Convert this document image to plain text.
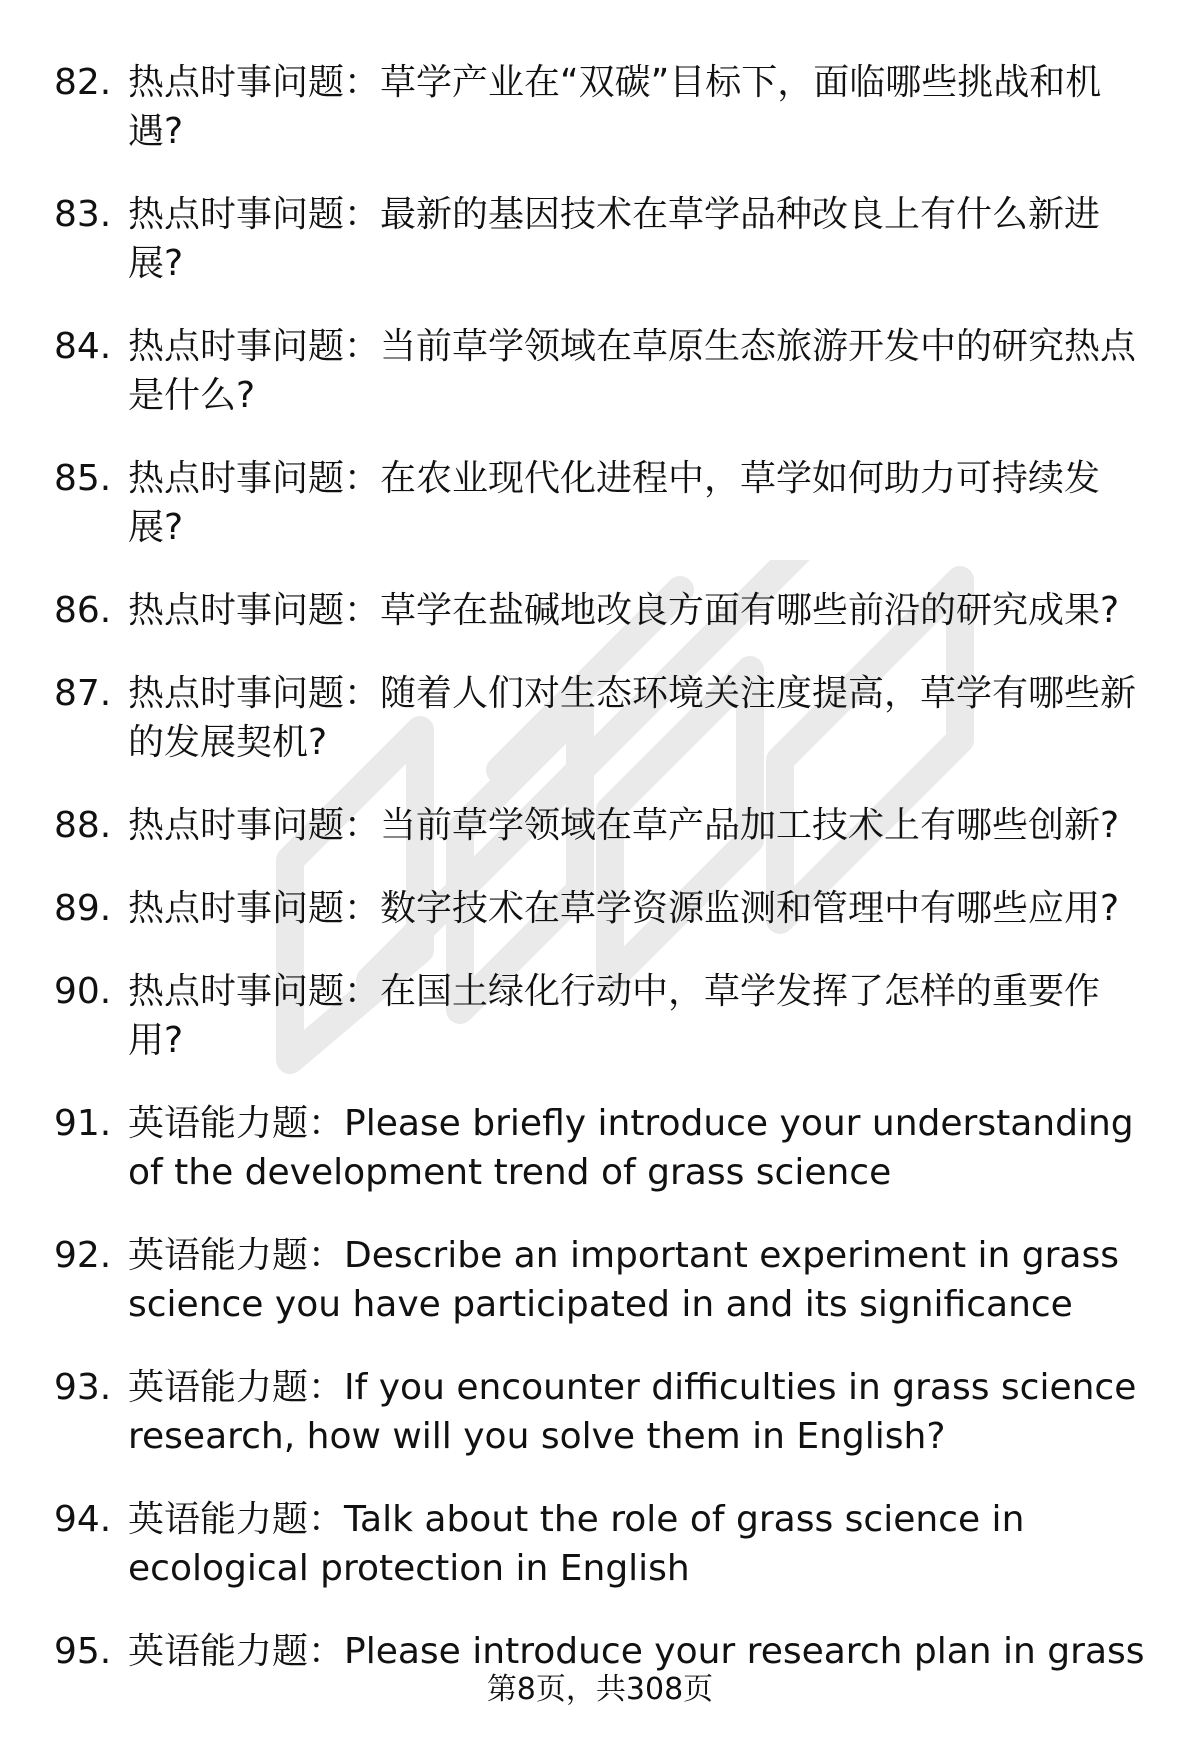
82. 热点时事问题：草学产业在“双碳”目标下，面临哪些挑战和机遇?
83. 热点时事问题：最新的基因技术在草学品种改良上有什么新进展?
84. 热点时事问题：当前草学领域在草原生态旅游开发中的研究热点是什么?
85. 热点时事问题：在农业现代化进程中，草学如何助力可持续发展?
86. 热点时事问题：草学在盐碱地改良方面有哪些前沿的研究成果?
87. 热点时事问题：随着人们对生态环境关注度提高，草学有哪些新的发展契机?
88. 热点时事问题：当前草学领域在草产品加工技术上有哪些创新?
89. 热点时事问题：数字技术在草学资源监测和管理中有哪些应用?
90. 热点时事问题：在国土绿化行动中，草学发挥了怎样的重要作用?
91. 英语能力题：Please briefly introduce your understanding of the development trend of grass science
92. 英语能力题：Describe an important experiment in grass science you have participated in and its significance
93. 英语能力题：If you encounter difficulties in grass science research, how will you solve them in English?
94. 英语能力题：Talk about the role of grass science in ecological protection in English
95. 英语能力题：Please introduce your research plan in grass
第8页，共308页
